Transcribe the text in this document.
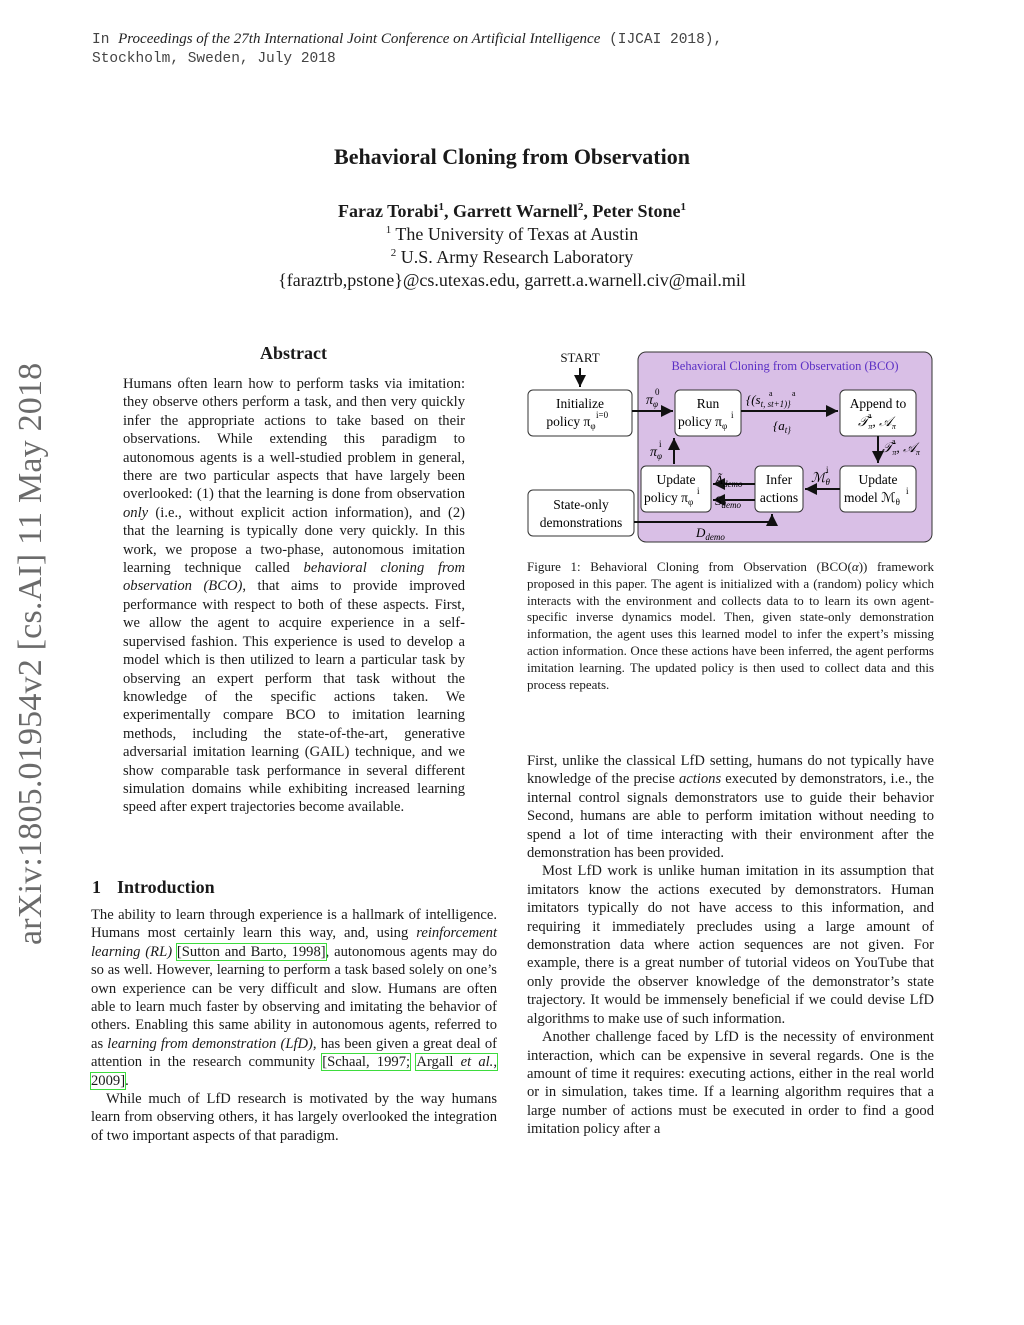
In Proceedings of the 27th International Joint Conference on Artificial Intelligence (IJCAI 2018),
Stockholm, Sweden, July 2018
arXiv:1805.01954v2 [cs.AI] 11 May 2018
Behavioral Cloning from Observation
Faraz Torabi$^1$, Garrett Warnell$^2$, Peter Stone$^1$
$^1$ The University of Texas at Austin
$^2$ U.S. Army Research Laboratory
{faraztrb,pstone}@cs.utexas.edu, garrett.a.warnell.civ@mail.mil
Abstract
Humans often learn how to perform tasks via imitation: they observe others perform a task, and then very quickly infer the appropriate actions to take based on their observations. While extending this paradigm to autonomous agents is a well-studied problem in general, there are two particular aspects that have largely been overlooked: (1) that the learning is done from observation only (i.e., without explicit action information), and (2) that the learning is typically done very quickly. In this work, we propose a two-phase, autonomous imitation learning technique called behavioral cloning from observation (BCO), that aims to provide improved performance with respect to both of these aspects. First, we allow the agent to acquire experience in a self-supervised fashion. This experience is used to develop a model which is then utilized to learn a particular task by observing an expert perform that task without the knowledge of the specific actions taken. We experimentally compare BCO to imitation learning methods, including the state-of-the-art, generative adversarial imitation learning (GAIL) technique, and we show comparable task performance in several different simulation domains while exhibiting increased learning speed after expert trajectories become available.
1 Introduction

The ability to learn through experience is a hallmark of intelligence. Humans most certainly learn this way, and, using reinforcement learning (RL) [Sutton and Barto, 1998], autonomous agents may do so as well. However, learning to perform a task based solely on one’s own experience can be very difficult and slow. Humans are often able to learn much faster by observing and imitating the behavior of others. Enabling this same ability in autonomous agents, referred to as learning from demonstration (LfD), has been given a great deal of attention in the research community [Schaal, 1997; Argall et al., 2009].

While much of LfD research is motivated by the way humans learn from observing others, it has largely overlooked the integration of two important aspects of that paradigm.

First, unlike the classical LfD setting, humans do not typically have knowledge of the precise actions executed by demonstrators, i.e., the internal control signals demonstrators use to guide their behavior Second, humans are able to perform imitation without needing to spend a lot of time interacting with their environment after the demonstration has been provided.

Most LfD work is unlike human imitation in its assumption that imitators know the actions executed by demonstrators. Human imitators typically do not have access to this information, and requiring it immediately precludes using a large amount of demonstration data where action sequences are not given. For example, there is a great number of tutorial videos on YouTube that only provide the observer knowledge of the demonstrator’s state trajectory. It would be immensely beneficial if we could devise LfD algorithms to make use of such information.

Another challenge faced by LfD is the necessity of environment interaction, which can be expensive in several regards. One is the amount of time it requires: executing actions, either in the real world or in simulation, takes time. If a learning algorithm requires that a large number of actions must be executed in order to find a good imitation policy after a

Behavioral Cloning from Observation (BCO)
START
Initialize
policy $\pi_\varphi$
i=0
$\pi_\varphi$
0
Run
policy $\pi_\varphi$
i
$\{(s_{t, s}t+1)\}$
a a
{$a_{t\}}$
Append to
𝒯$_\pi$, 𝒜$_\pi$
a
$\pi_\varphi$
i	𝒯$_\pi$, 𝒜$_\pi$
a
Update
policy $\pi_\varphi$
i
Infer
actions
$Ã_{demo}$
$S_{demo}$
Update
model ℳ$_\theta$
i
ℳ$_\theta$
i
State-only
demonstrations
$D_{demo}$
Figure 1: Behavioral Cloning from Observation (BCO(α)) framework proposed in this paper. The agent is initialized with a (random) policy which interacts with the environment and collects data to to learn its own agent-specific inverse dynamics model. Then, given state-only demonstration information, the agent uses this learned model to infer the expert’s missing action information. Once these actions have been inferred, the agent performs imitation learning. The updated policy is then used to collect data and this process repeats.
